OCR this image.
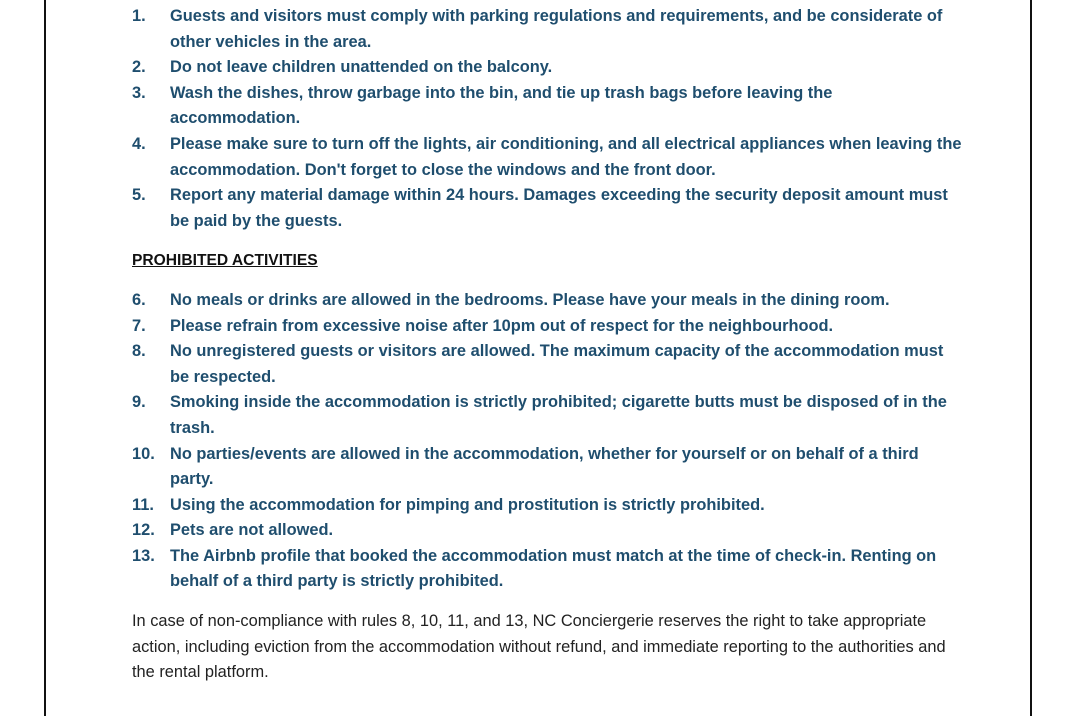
1.	Guests and visitors must comply with parking regulations and requirements, and be considerate of other vehicles in the area.
2.	Do not leave children unattended on the balcony.
3.	Wash the dishes, throw garbage into the bin, and tie up trash bags before leaving the accommodation.
4.	Please make sure to turn off the lights, air conditioning, and all electrical appliances when leaving the accommodation. Don't forget to close the windows and the front door.
5.	Report any material damage within 24 hours. Damages exceeding the security deposit amount must be paid by the guests.
PROHIBITED ACTIVITIES
6.	No meals or drinks are allowed in the bedrooms. Please have your meals in the dining room.
7.	Please refrain from excessive noise after 10pm out of respect for the neighbourhood.
8.	No unregistered guests or visitors are allowed. The maximum capacity of the accommodation must be respected.
9.	Smoking inside the accommodation is strictly prohibited; cigarette butts must be disposed of in the trash.
10. No parties/events are allowed in the accommodation, whether for yourself or on behalf of a third party.
11. Using the accommodation for pimping and prostitution is strictly prohibited.
12. Pets are not allowed.
13. The Airbnb profile that booked the accommodation must match at the time of check-in. Renting on behalf of a third party is strictly prohibited.
In case of non-compliance with rules 8, 10, 11, and 13, NC Conciergerie reserves the right to take appropriate action, including eviction from the accommodation without refund, and immediate reporting to the authorities and the rental platform.
